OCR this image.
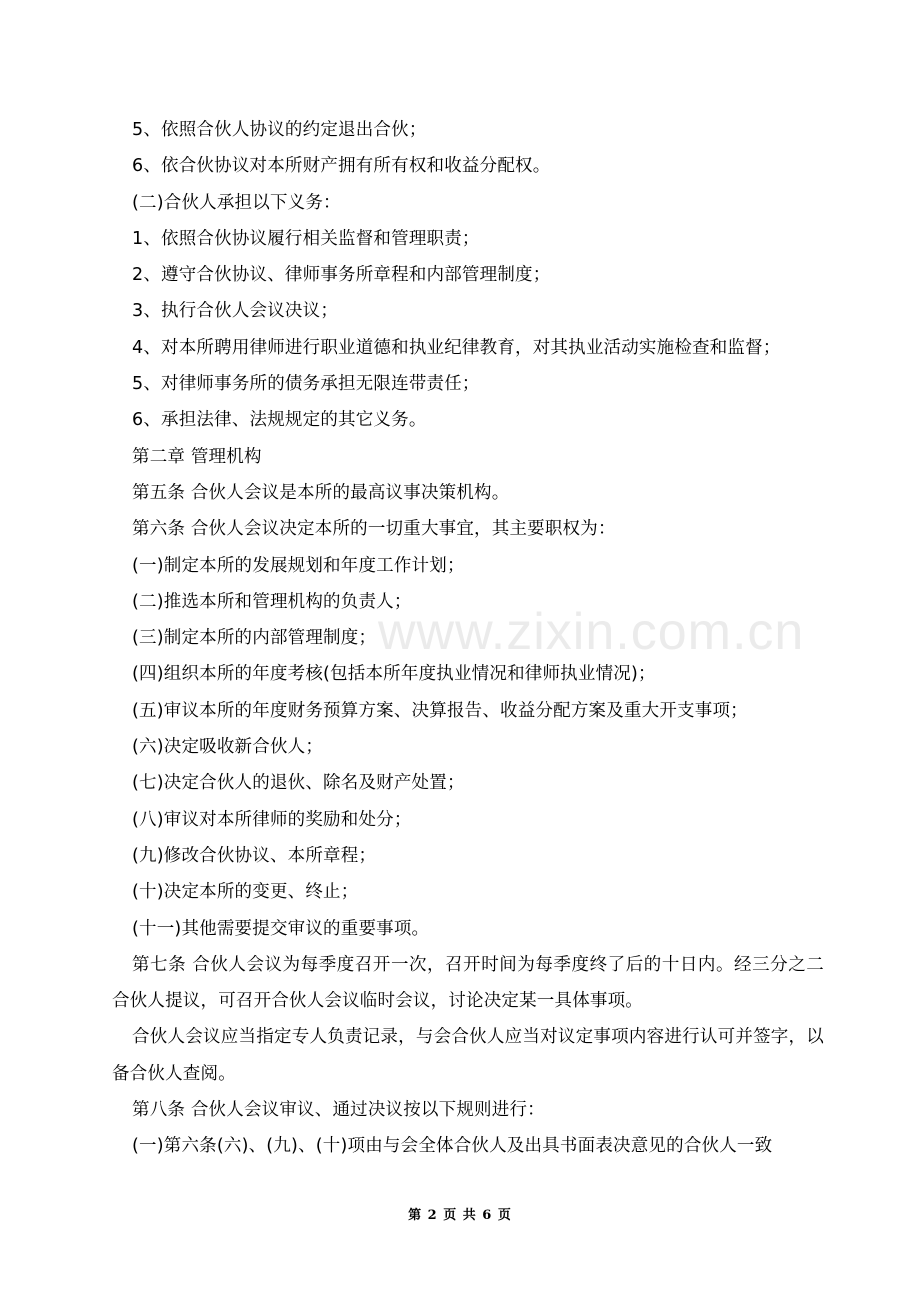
5、依照合伙人协议的约定退出合伙；
6、依合伙协议对本所财产拥有所有权和收益分配权。
(二)合伙人承担以下义务：
1、依照合伙协议履行相关监督和管理职责；
2、遵守合伙协议、律师事务所章程和内部管理制度；
3、执行合伙人会议决议；
4、对本所聘用律师进行职业道德和执业纪律教育，对其执业活动实施检查和监督；
5、对律师事务所的债务承担无限连带责任；
6、承担法律、法规规定的其它义务。
第二章 管理机构
第五条 合伙人会议是本所的最高议事决策机构。
第六条 合伙人会议决定本所的一切重大事宜，其主要职权为：
(一)制定本所的发展规划和年度工作计划；
(二)推选本所和管理机构的负责人；
(三)制定本所的内部管理制度；
(四)组织本所的年度考核(包括本所年度执业情况和律师执业情况)；
(五)审议本所的年度财务预算方案、决算报告、收益分配方案及重大开支事项；
(六)决定吸收新合伙人；
(七)决定合伙人的退伙、除名及财产处置；
(八)审议对本所律师的奖励和处分；
(九)修改合伙协议、本所章程；
(十)决定本所的变更、终止；
(十一)其他需要提交审议的重要事项。
第七条 合伙人会议为每季度召开一次，召开时间为每季度终了后的十日内。经三分之二合伙人提议，可召开合伙人会议临时会议，讨论决定某一具体事项。
合伙人会议应当指定专人负责记录，与会合伙人应当对议定事项内容进行认可并签字，以备合伙人查阅。
第八条 合伙人会议审议、通过决议按以下规则进行：
(一)第六条(六)、(九)、(十)项由与会全体合伙人及出具书面表决意见的合伙人一致
www.zixin.com.cn
第 2 页 共 6 页
